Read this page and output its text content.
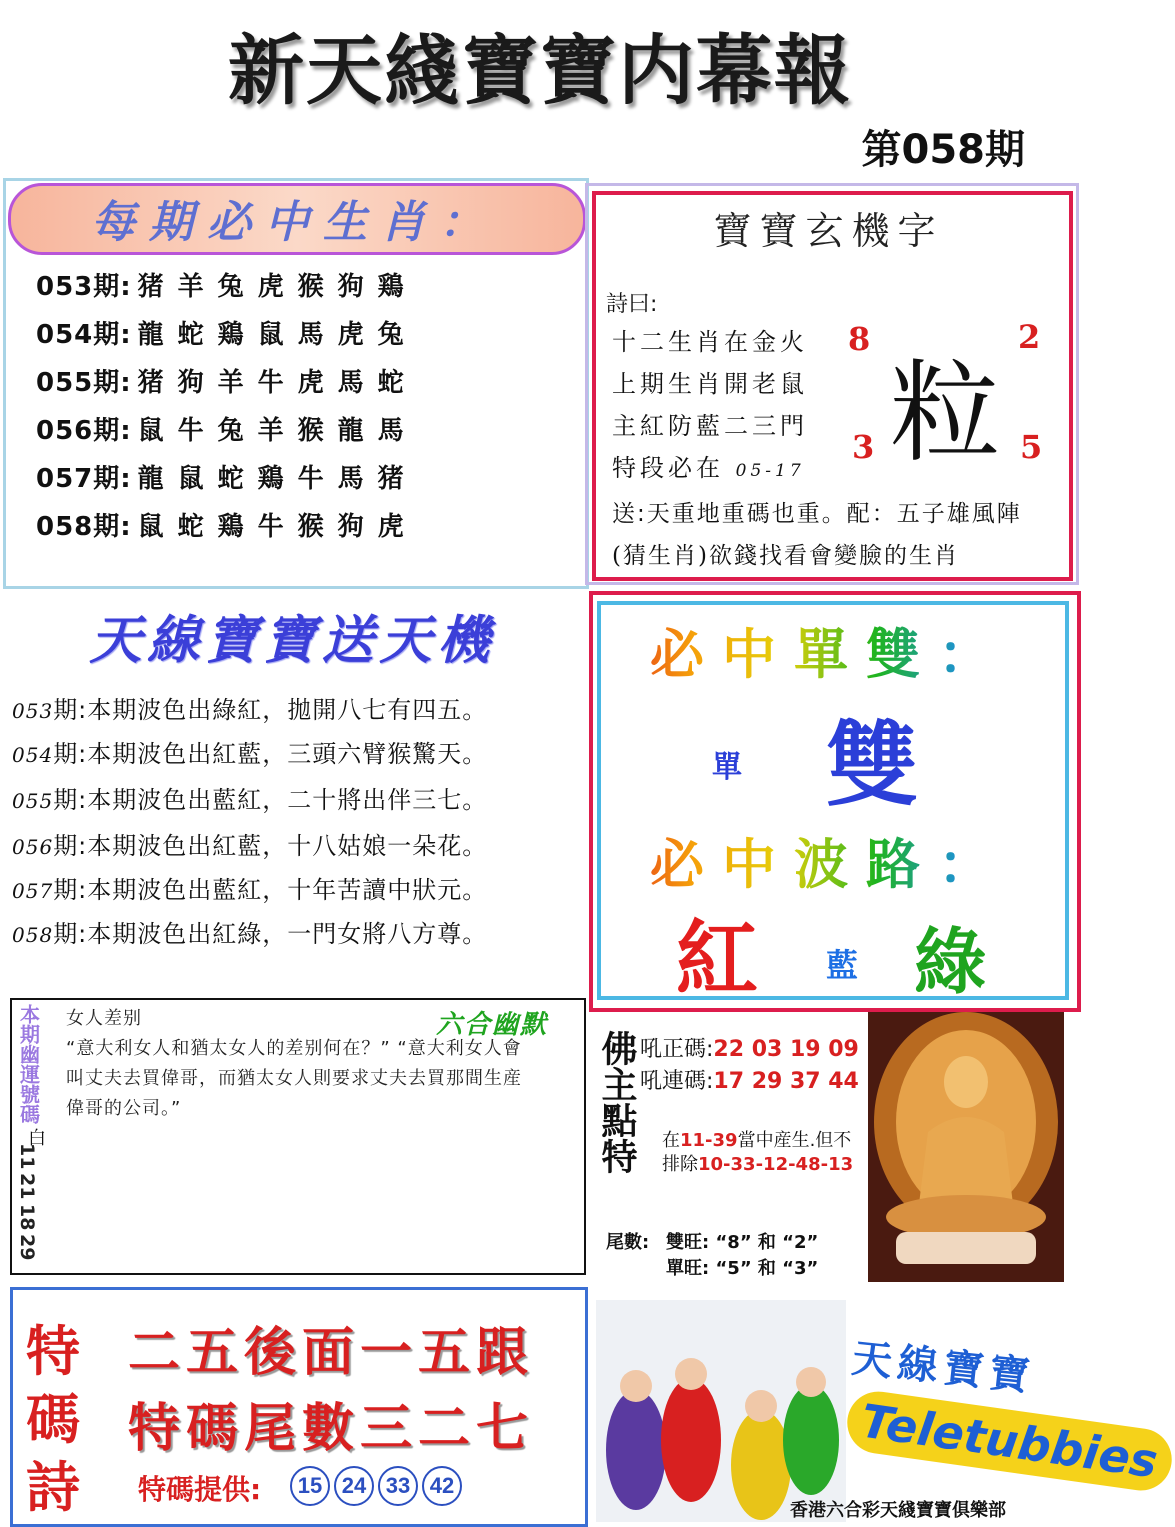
新天綫寶寶内幕報
第058期
每期必中生肖：
053期: 猪羊兔虎猴狗鶏
054期: 龍蛇鶏鼠馬虎兔
055期: 猪狗羊牛虎馬蛇
056期: 鼠牛兔羊猴龍馬
057期: 龍鼠蛇鶏牛馬猪
058期: 鼠蛇鶏牛猴狗虎
寶寶玄機字
詩曰:
十二生肖在金火
上期生肖開老鼠
主紅防藍二三門
特段必在 05-17 粒
8	2
3	5
送:天重地重碼也重。配：五子雄風陣
(猜生肖)欲錢找看會變臉的生肖
天線寶寶送天機
053期:本期波色出綠紅，拋開八七有四五。
054期:本期波色出紅藍，三頭六臂猴驚天。
055期:本期波色出藍紅，二十將出伴三七。
056期:本期波色出紅藍，十八姑娘一朵花。
057期:本期波色出藍紅，十年苦讀中狀元。
058期:本期波色出紅綠，一門女將八方尊。
必中單雙：
單 雙
必中波路：
紅 藍 綠
本期幽運號碼
白
11
21
18
29
女人差别	六合幽默
“意大利女人和猶太女人的差别何在？” “意大利女人會叫丈夫去買偉哥，而猶太女人則要求丈夫去買那間生産偉哥的公司。”	佛主點特 吼正碼:22 03 19 09
吼連碼:17 29 37 44
在11-39當中産生.但不
排除10-33-12-48-13
尾數: 雙旺: “8” 和 “2”
單旺: “5” 和 “3”
特
碼
詩
二五後面一五跟
特碼尾數三二七
特碼提供:	15 24 33 42
天線寶寶
Teletubbies
香港六合彩天綫寶寶俱樂部
